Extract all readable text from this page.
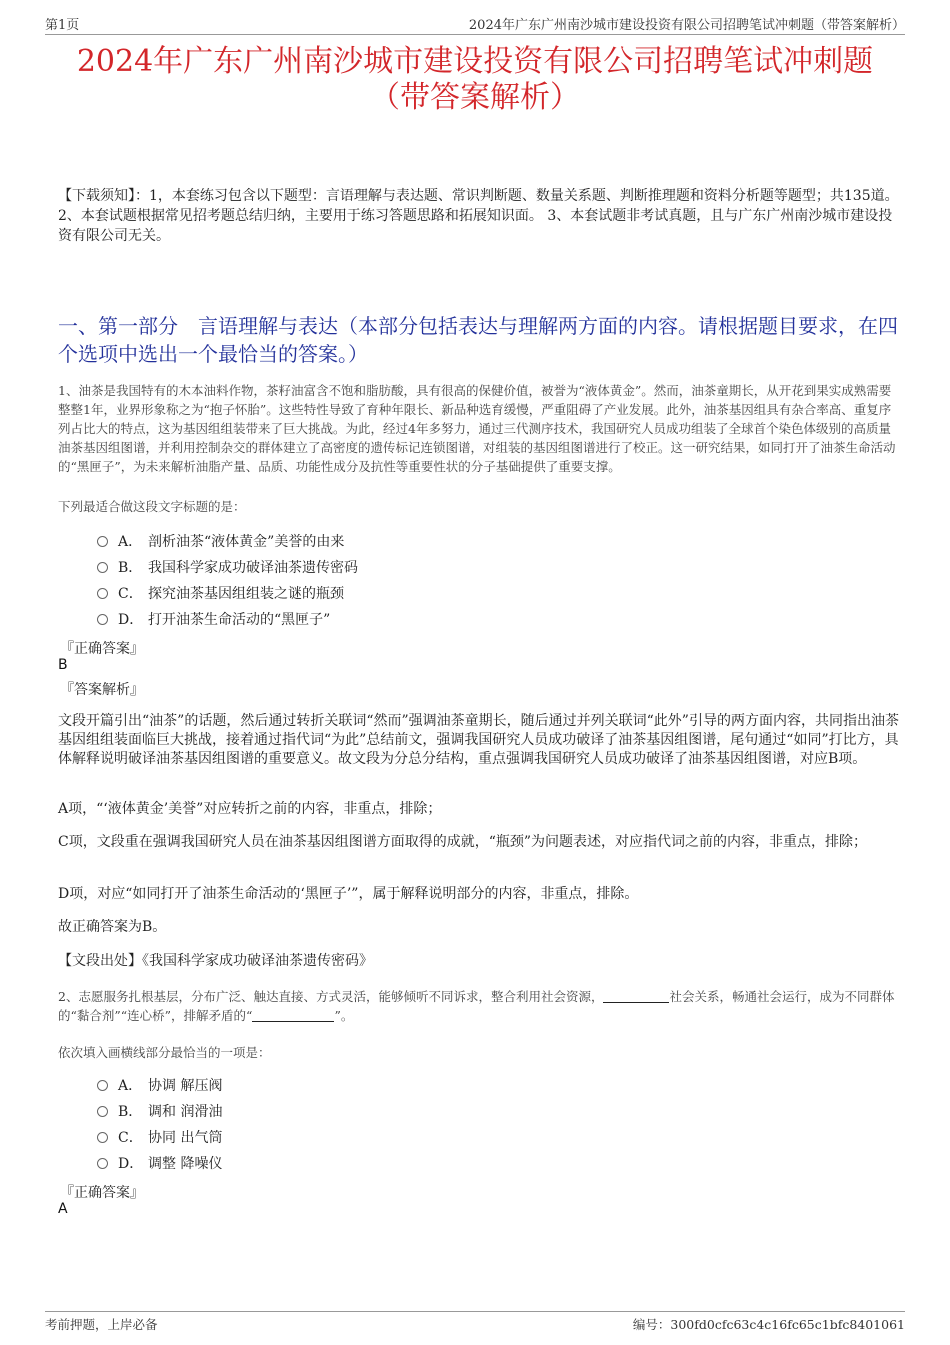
第1页	2024年广东广州南沙城市建设投资有限公司招聘笔试冲刺题（带答案解析）
2024年广东广州南沙城市建设投资有限公司招聘笔试冲刺题
（带答案解析）
【下载须知】：1，本套练习包含以下题型：言语理解与表达题、常识判断题、数量关系题、判断推理题和资料分析题等题型；共135道。 2、本套试题根据常见招考题总结归纳，主要用于练习答题思路和拓展知识面。 3、本套试题非考试真题，且与广东广州南沙城市建设投资有限公司无关。
一、第一部分　言语理解与表达（本部分包括表达与理解两方面的内容。请根据题目要求，在四个选项中选出一个最恰当的答案。）
1、油茶是我国特有的木本油料作物，茶籽油富含不饱和脂肪酸，具有很高的保健价值，被誉为“液体黄金”。然而，油茶童期长，从开花到果实成熟需要整整1年，业界形象称之为“抱子怀胎”。这些特性导致了育种年限长、新品种选育缓慢，严重阻碍了产业发展。此外，油茶基因组具有杂合率高、重复序列占比大的特点，这为基因组组装带来了巨大挑战。为此，经过4年多努力，通过三代测序技术，我国研究人员成功组装了全球首个染色体级别的高质量油茶基因组图谱，并利用控制杂交的群体建立了高密度的遗传标记连锁图谱，对组装的基因组图谱进行了校正。这一研究结果，如同打开了油茶生命活动的“黑匣子”，为未来解析油脂产量、品质、功能性成分及抗性等重要性状的分子基础提供了重要支撑。
下列最适合做这段文字标题的是：
A． 剖析油茶“液体黄金”美誉的由来
B． 我国科学家成功破译油茶遗传密码
C． 探究油茶基因组组装之谜的瓶颈
D． 打开油茶生命活动的“黑匣子”
『正确答案』
B
『答案解析』
文段开篇引出“油茶”的话题，然后通过转折关联词“然而”强调油茶童期长，随后通过并列关联词“此外”引导的两方面内容，共同指出油茶基因组组装面临巨大挑战，接着通过指代词“为此”总结前文，强调我国研究人员成功破译了油茶基因组图谱，尾句通过“如同”打比方，具体解释说明破译油茶基因组图谱的重要意义。故文段为分总分结构，重点强调我国研究人员成功破译了油茶基因组图谱，对应B项。
A项，“‘液体黄金’美誉”对应转折之前的内容，非重点，排除；
C项，文段重在强调我国研究人员在油茶基因组图谱方面取得的成就，“瓶颈”为问题表述，对应指代词之前的内容，非重点，排除；
D项，对应“如同打开了油茶生命活动的‘黑匣子’”，属于解释说明部分的内容，非重点，排除。
故正确答案为B。
【文段出处】《我国科学家成功破译油茶遗传密码》
2、志愿服务扎根基层，分布广泛、触达直接、方式灵活，能够倾听不同诉求，整合利用社会资源，	社会关系，畅通社会运行，成为不同群体的“黏合剂”“连心桥”，排解矛盾的“	”。
依次填入画横线部分最恰当的一项是：
A． 协调 解压阀
B． 调和 润滑油
C． 协同 出气筒
D． 调整 降噪仪
『正确答案』
A
考前押题，上岸必备	编号：300fd0cfc63c4c16fc65c1bfc8401061
